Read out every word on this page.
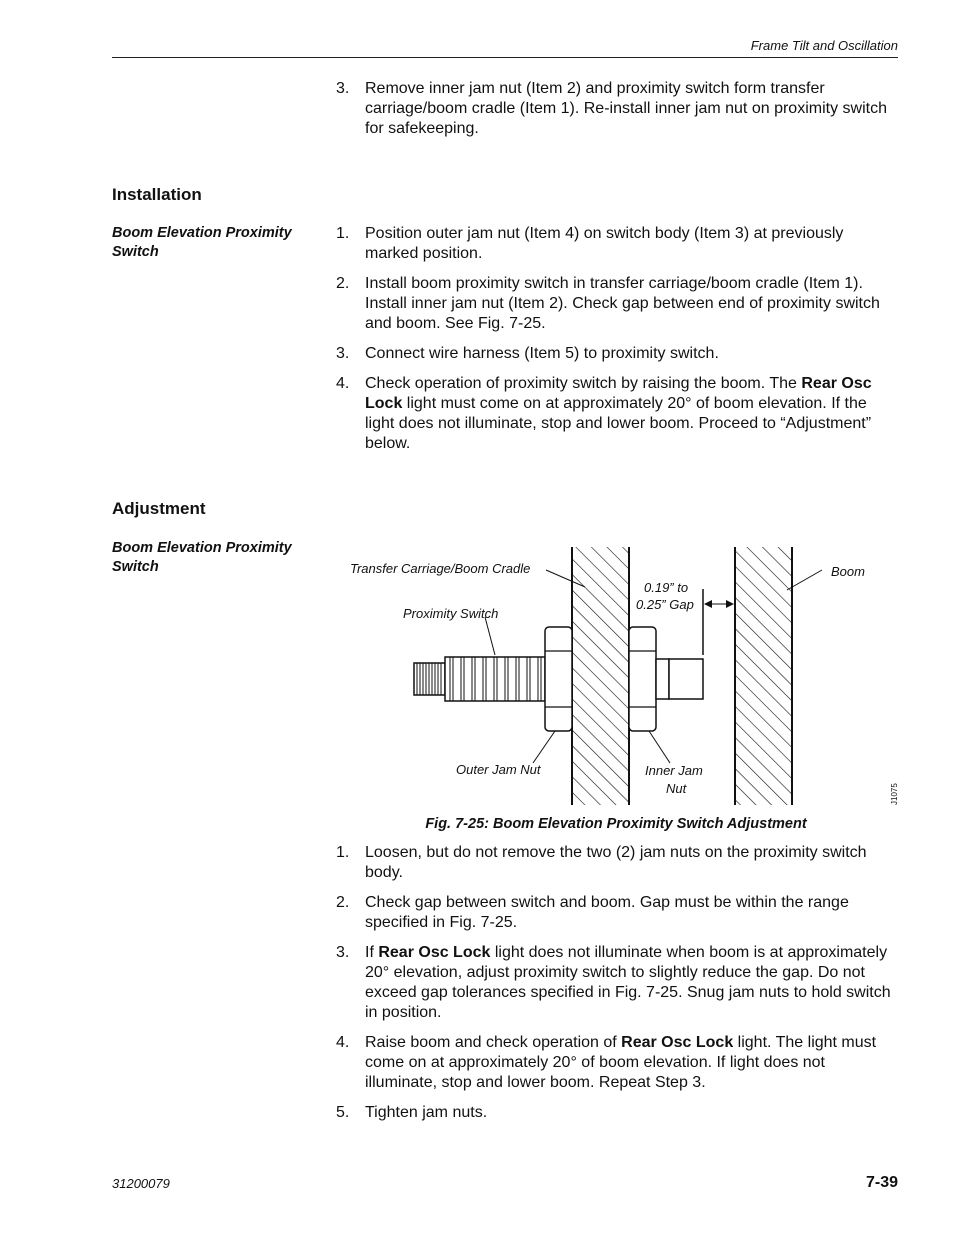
Frame Tilt and Oscillation
3. Remove inner jam nut (Item 2) and proximity switch form transfer carriage/boom cradle (Item 1). Re-install inner jam nut on proximity switch for safekeeping.
Installation
Boom Elevation Proximity Switch
1. Position outer jam nut (Item 4) on switch body (Item 3) at previously marked position.
2. Install boom proximity switch in transfer carriage/boom cradle (Item 1). Install inner jam nut (Item 2). Check gap between end of proximity switch and boom. See Fig. 7-25.
3. Connect wire harness (Item 5) to proximity switch.
4. Check operation of proximity switch by raising the boom. The Rear Osc Lock light must come on at approximately 20° of boom elevation. If the light does not illuminate, stop and lower boom. Proceed to “Adjustment” below.
Adjustment
Boom Elevation Proximity Switch	Transfer Carriage/Boom Cradle
Proximity Switch
0.19” to
0.25” Gap
Boom
Outer Jam Nut	Inner Jam
Nut	J1075
Fig. 7-25: Boom Elevation Proximity Switch Adjustment
1. Loosen, but do not remove the two (2) jam nuts on the proximity switch body.
2. Check gap between switch and boom. Gap must be within the range specified in Fig. 7-25.
3. If Rear Osc Lock light does not illuminate when boom is at approximately 20° elevation, adjust proximity switch to slightly reduce the gap. Do not exceed gap tolerances specified in Fig. 7-25. Snug jam nuts to hold switch in position.
4. Raise boom and check operation of Rear Osc Lock light. The light must come on at approximately 20° of boom elevation. If light does not illuminate, stop and lower boom. Repeat Step 3.
5. Tighten jam nuts.
31200079	7-39
